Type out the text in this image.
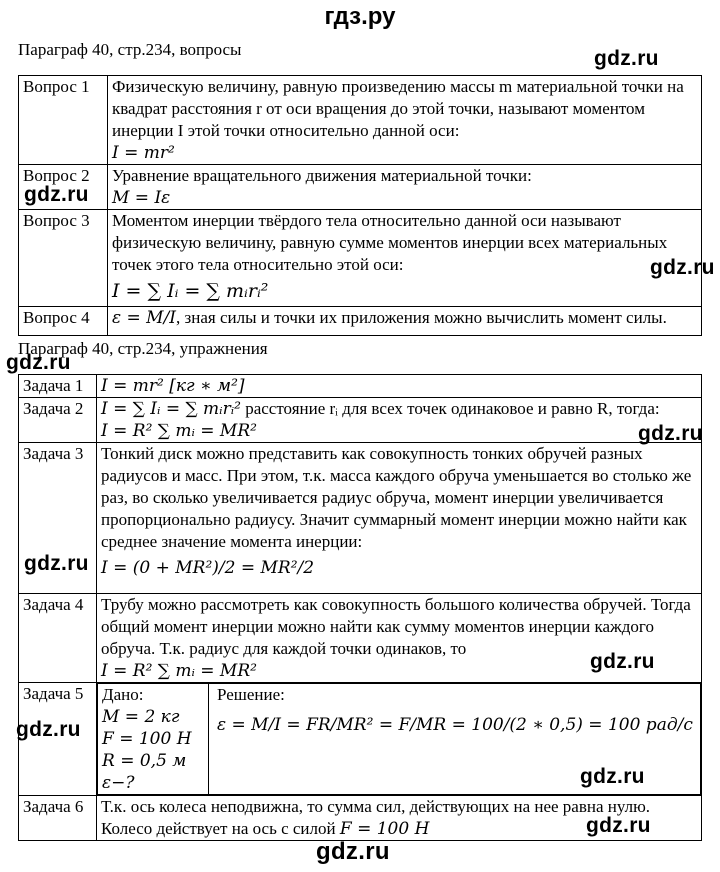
гдз.ру
Параграф 40, стр.234, вопросы
Вопрос 1	Физическую величину, равную произведению массы m материальной точки на квадрат расстояния r от оси вращения до этой точки, называют моментом инерции I этой точки относительно данной оси:
I = mr²
Вопрос 2	Уравнение вращательного движения материальной точки:
M = Iε
Вопрос 3	Моментом инерции твёрдого тела относительно данной оси называют физическую величину, равную сумме моментов инерции всех материальных точек этого тела относительно этой оси:
I = ∑ Iᵢ = ∑ mᵢrᵢ²
Вопрос 4	ε = M/I, зная силы и точки их приложения можно вычислить момент силы.
Параграф 40, стр.234, упражнения
Задача 1	I = mr² [кг ∗ м²]
Задача 2	I = ∑ Iᵢ = ∑ mᵢrᵢ² расстояние rᵢ для всех точек одинаковое и равно R, тогда:
I = R² ∑ mᵢ = MR²
Задача 3	Тонкий диск можно представить как совокупность тонких обручей разных радиусов и масс. При этом, т.к. масса каждого обруча уменьшается во столько же раз, во сколько увеличивается радиус обруча, момент инерции увеличивается пропорционально радиусу. Значит суммарный момент инерции можно найти как среднее значение момента инерции:
I = (0 + MR²)/2 = MR²/2
Задача 4	Трубу можно рассмотреть как совокупность большого количества обручей. Тогда общий момент инерции можно найти как сумму моментов инерции каждого обруча. Т.к. радиус для каждой точки одинаков, то
I = R² ∑ mᵢ = MR²
Задача 5	Дано:
M = 2 кг
F = 100 Н
R = 0,5 м
ε−?

Решение:
ε = M/I = FR/MR² = F/MR = 100/(2 ∗ 0,5) = 100 рад/с

Задача 6	Т.к. ось колеса неподвижна, то сумма сил, действующих на нее равна нулю. Колесо действует на ось с силой F = 100 Н
gdz.ru
gdz.ru
gdz.ru
gdz.ru
gdz.ru
gdz.ru
gdz.ru
gdz.ru
gdz.ru
gdz.ru
gdz.ru
